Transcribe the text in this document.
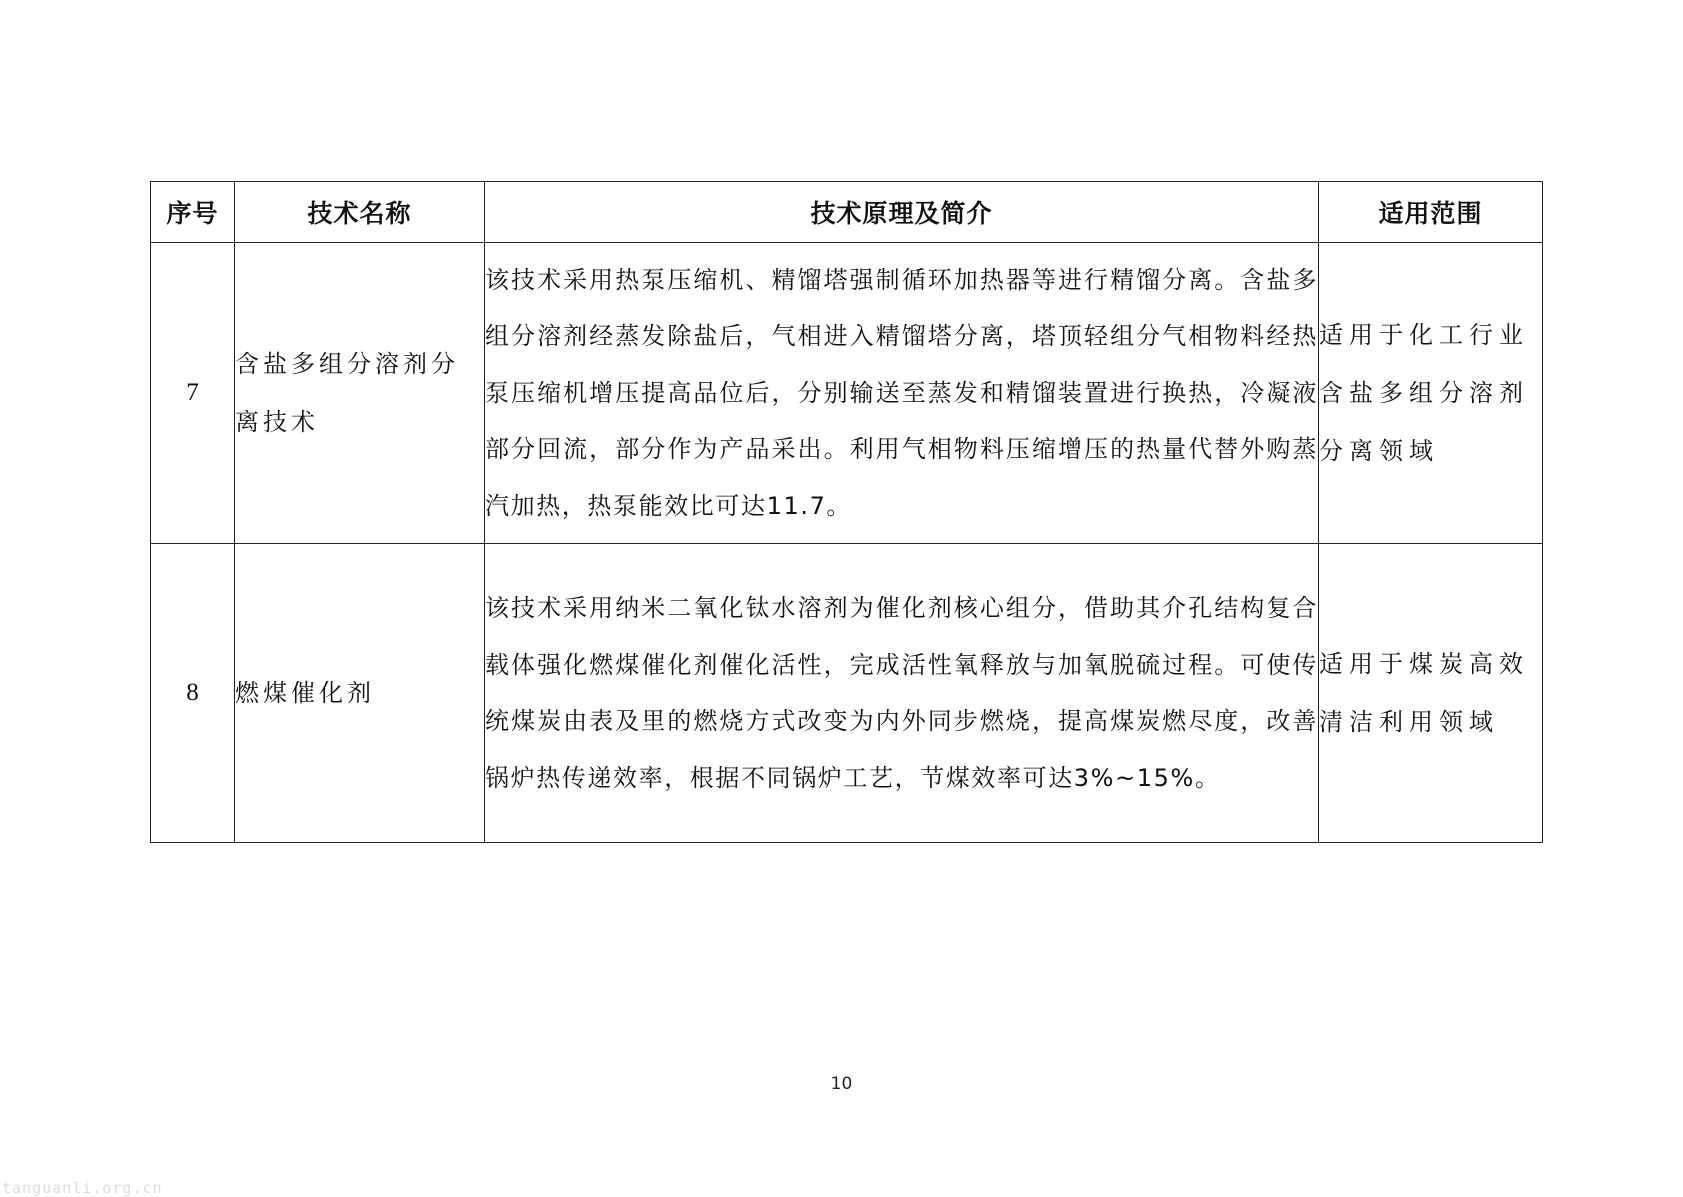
序号	技术名称	技术原理及简介	适用范围
7	含盐多组分溶剂分离技术	该技术采用热泵压缩机、精馏塔强制循环加热器等进行精馏分离。含盐多组分溶剂经蒸发除盐后，气相进入精馏塔分离，塔顶轻组分气相物料经热泵压缩机增压提高品位后，分别输送至蒸发和精馏装置进行换热，冷凝液部分回流，部分作为产品采出。利用气相物料压缩增压的热量代替外购蒸汽加热，热泵能效比可达11.7。	适用于化工行业含盐多组分溶剂分离领域
8	燃煤催化剂	该技术采用纳米二氧化钛水溶剂为催化剂核心组分，借助其介孔结构复合载体强化燃煤催化剂催化活性，完成活性氧释放与加氧脱硫过程。可使传统煤炭由表及里的燃烧方式改变为内外同步燃烧，提高煤炭燃尽度，改善锅炉热传递效率，根据不同锅炉工艺，节煤效率可达3%~15%。	适用于煤炭高效清洁利用领域
10
tanguanli.org.cn
